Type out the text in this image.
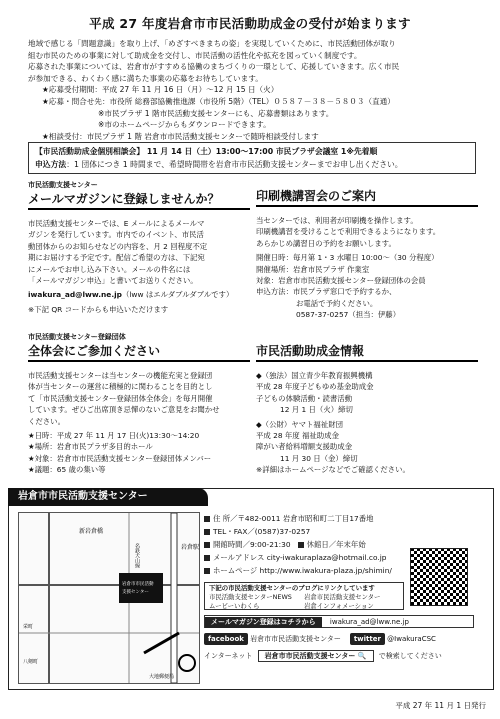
平成 27 年度岩倉市市民活動助成金の受付が始まります

地域で感じる「問題意識」を取り上げ、「めざすべきまちの姿」を実現していくために、市民活動団体が取り

組む市民のための事業に対して助成金を交付し、市民活動の活性化や拡充を図っていく制度です。

応募された事業については、岩倉市がすすめる協働のまちづくりの一環として、応援していきます。広く市民

が参加できる、わくわく感に満ちた事業の応募をお待ちしています。

★応募受付期間：平成 27 年 11 月 16 日（月）～12 月 15 日（火）

★応募・問合せ先：市役所 総務部協働推進課（市役所 5階）（TEL）０５８７－３８－５８０３（直通）

※市民プラザ 1 階市民活動支援センターにも、応募書類はあります。

※市のホームページからもダウンロードできます。

★相談受付：市民プラザ 1 階 岩倉市市民活動支援センターで随時相談受付します

【市民活動助成金個別相談会】 11 月 14 日（土）13:00～17:00 市民プラザ会議室 1※先着順
申込方法：1 団体につき 1 時間まで、希望時間帯を岩倉市市民活動支援センターまでお申し出ください。
市民活動支援センター
メールマガジンに登録しませんか？

市民活動支援センターでは、E メールによるメールマ

ガジンを発行しています。市内でのイベント、市民活

動団体からのお知らせなどの内容を、月 2 回程度不定

期にお届けする予定です。配信ご希望の方は、下記宛

にメールでお申し込み下さい。メールの件名には

「メールマガジン申込」と書いてお送りください。

iwakura_ad@lww.ne.jp（lww はエルダブルダブルです）

※下記 QR コードからも申込いただけます

市民活動支援センター登録団体
全体会にご参加ください

市民活動支援センターは当センターの機能充実と登録団

体が当センターの運営に積極的に関わることを目的とし

て「市民活動支援センター登録団体全体会」を毎月開催

しています。ぜひご出席頂き忌憚のないご意見をお聞かせ

ください。

★日時：平成 27 年 11 月 17 日(火)13:30～14:20

★場所：岩倉市民プラザ多目的ホール

★対象：岩倉市市民活動支援センター登録団体メンバー

★議題：65 歳の集い等

印刷機講習会のご案内

当センターでは、利用者が印刷機を操作します。

印刷機講習を受けることで利用できるようになります。

あらかじめ講習日の予約をお願いします。

開催日時：毎月第 1・3 水曜日 10:00～（30 分程度）

開催場所：岩倉市民プラザ 作業室

対象：岩倉市市民活動支援センター登録団体の会員

申込方法：市民プラザ窓口で予約するか、

お電話で予約ください。

0587-37-0257（担当：伊藤）

市民活動助成金情報

◆（独法）国立青少年教育振興機構

平成 28 年度子どもゆめ基金助成金

子どもの体験活動・読書活動

12 月 1 日（火）締切

◆（公財）ヤマト福祉財団

平成 28 年度 福祉助成金

障がい者給料増額支援助成金

11 月 30 日（金）締切

※詳細はホームページなどでご確認ください。

岩倉市市民活動支援センター
岩倉駅
新岩倉橋
名鉄犬山線
岩倉市市民活動
支援センター
大地郵便局
栄町
八剱町
住 所／〒482-0011 岩倉市昭和町二丁目17番地
TEL・FAX／(0587)37-0257
開館時間／9:00-21:30 休館日／年末年始
メールアドレス city-iwakuraplaza@hotmail.co.jp
ホームページ http://www.iwakura-plaza.jp/shimin/
下記の市民活動支援センターのブログにリンクしています
市民活動支援センターNEWS	岩倉市民活動支援センター
ムービーいわくら	岩倉インフォメーション
メールマガジン登録はコチラから iwakura_ad@lww.ne.jp
facebook 岩倉市市民活動支援センター twitter @IwakuraCSC
インターネット 岩倉市市民活動支援センター 🔍 で検索してください
平成 27 年 11 月 1 日発行
